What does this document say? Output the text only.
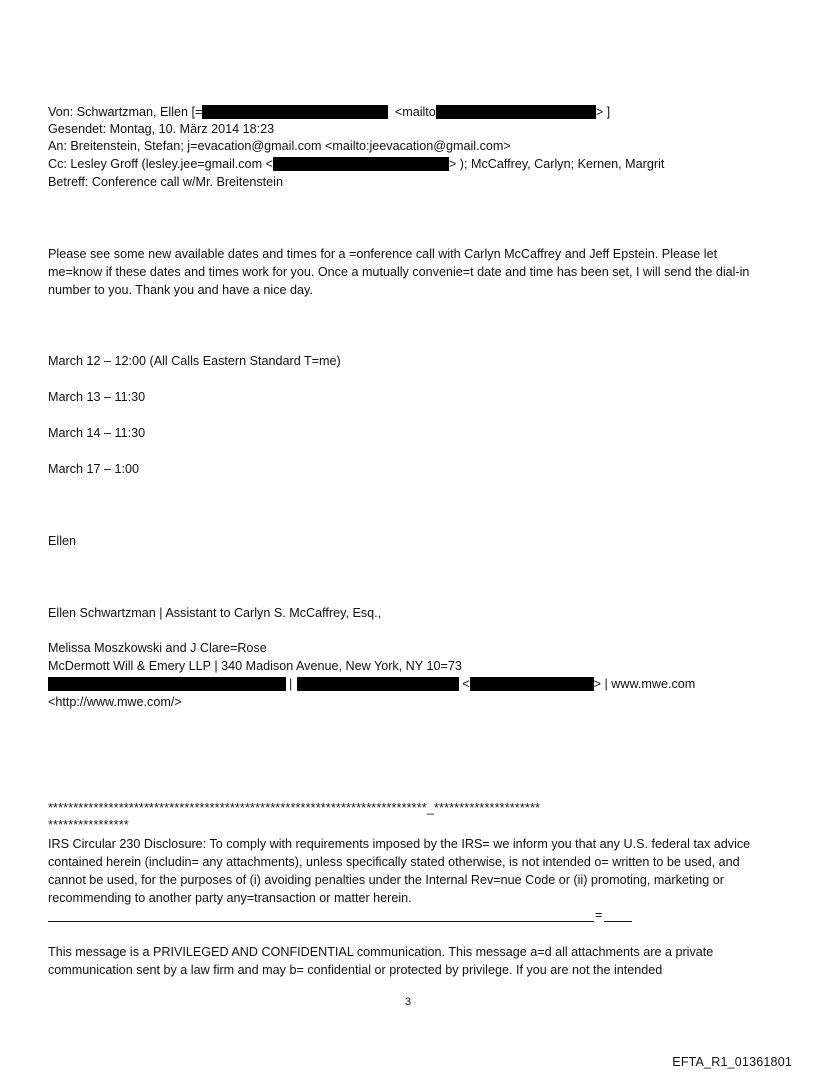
Von: Schwartzman, Ellen [=	<mailto	> ]
Gesendet: Montag, 10. März 2014 18:23
An: Breitenstein, Stefan; j=evacation@gmail.com <mailto:jeevacation@gmail.com>
Cc: Lesley Groff (lesley.jee=gmail.com <	> ); McCaffrey, Carlyn; Kernen, Margrit
Betreff: Conference call w/Mr. Breitenstein
Please see some new available dates and times for a =onference call with Carlyn McCaffrey and Jeff Epstein. Please let me=know if these dates and times work for you. Once a mutually convenie=t date and time has been set, I will send the dial-in number to you. Thank you and have a nice day.
March 12 – 12:00 (All Calls Eastern Standard T=me)
March 13 – 11:30
March 14 – 11:30
March 17 – 1:00
Ellen
Ellen Schwartzman | Assistant to Carlyn S. McCaffrey, Esq.,
Melissa Moszkowski and J Clare=Rose
McDermott Will & Emery LLP | 340 Madison Avenue, New York, NY 10=73
|	<	> | www.mwe.com
<http://www.mwe.com/>
***************************************************************************_*********************
****************
IRS Circular 230 Disclosure: To comply with requirements imposed by the IRS= we inform you that any U.S. federal tax advice contained herein (includin= any attachments), unless specifically stated otherwise, is not intended o= written to be used, and cannot be used, for the purposes of (i) avoiding penalties under the Internal Rev=nue Code or (ii) promoting, marketing or recommending to another party any=transaction or matter herein.
=
This message is a PRIVILEGED AND CONFIDENTIAL communication. This message a=d all attachments are a private communication sent by a law firm and may b= confidential or protected by privilege. If you are not the intended
3
EFTA_R1_01361801
